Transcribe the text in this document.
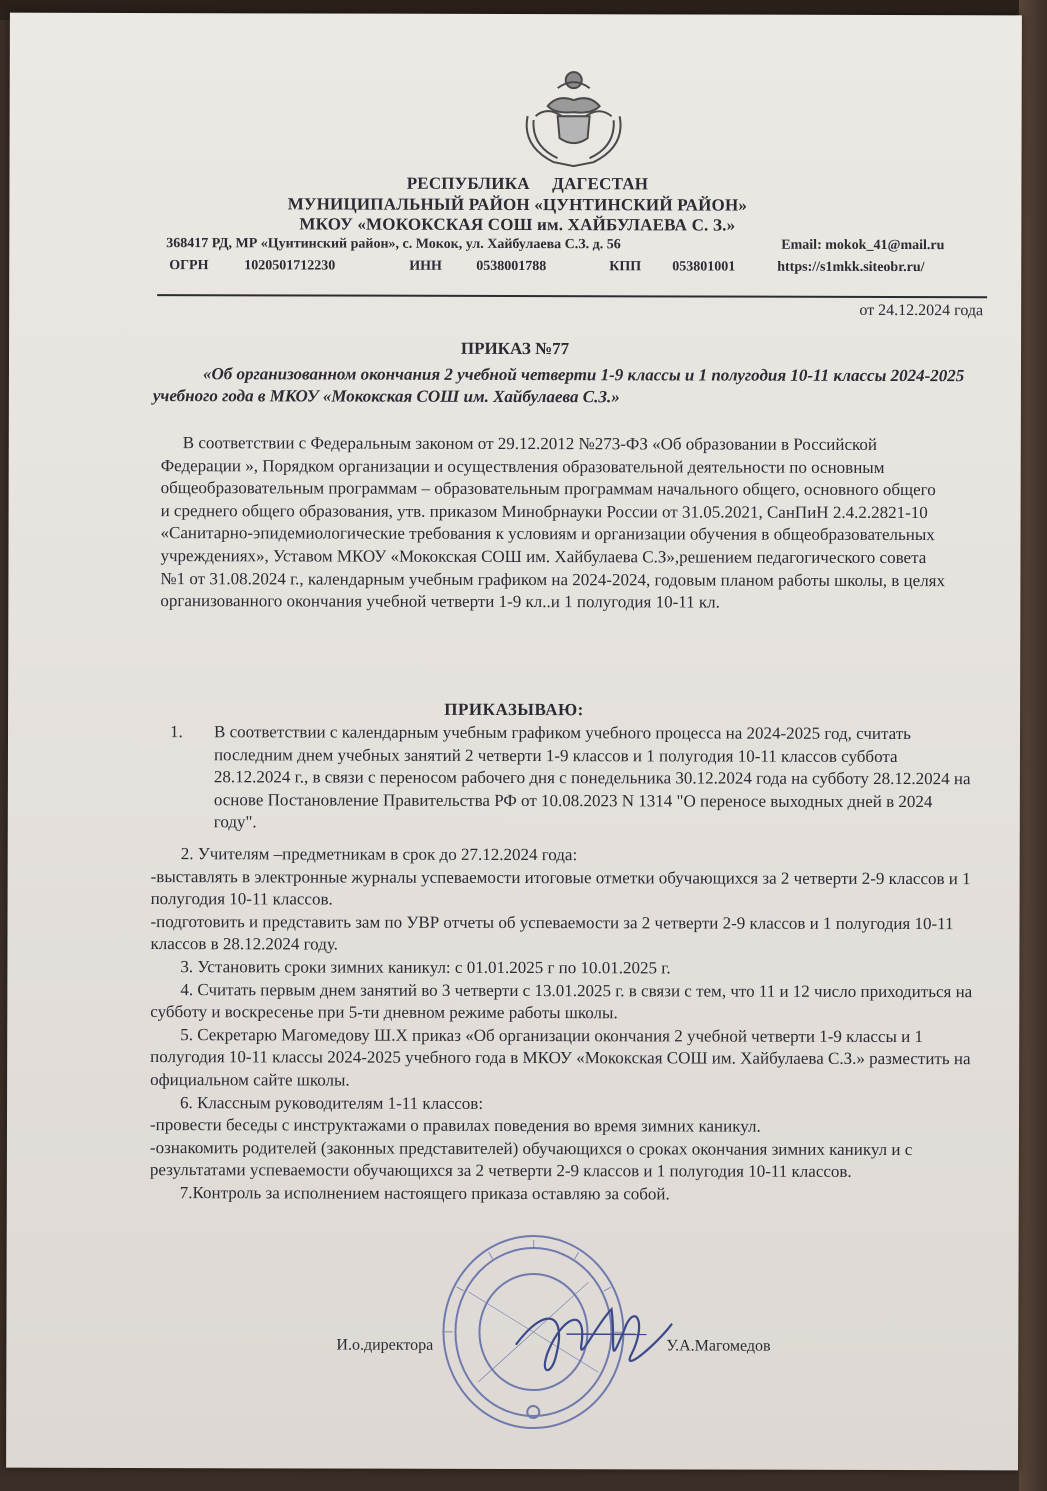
РЕСПУБЛИКА ДАГЕСТАН
МУНИЦИПАЛЬНЫЙ РАЙОН «ЦУНТИНСКИЙ РАЙОН»
МКОУ «МОКОКСКАЯ СОШ им. ХАЙБУЛАЕВА С. З.»
368417 РД, МР «Цунтинский район», с. Мокок, ул. Хайбулаева С.З. д. 56	Email: mokok_41@mail.ru
ОГРН	1020501712230	ИНН 0538001788	КПП 053801001	https://s1mkk.siteobr.ru/
от 24.12.2024 года
ПРИКАЗ №77
«Об организованном окончания 2 учебной четверти 1-9 классы и 1 полугодия 10-11 классы 2024-2025 учебного года в МКОУ «Мококская СОШ им. Хайбулаева С.З.»
В соответствии с Федеральным законом от 29.12.2012 №273-ФЗ «Об образовании в Российской Федерации », Порядком организации и осуществления образовательной деятельности по основным общеобразовательным программам – образовательным программам начального общего, основного общего и среднего общего образования, утв. приказом Минобрнауки России от 31.05.2021, СанПиН 2.4.2.2821-10 «Санитарно-эпидемиологические требования к условиям и организации обучения в общеобразовательных учреждениях», Уставом МКОУ «Мококская СОШ им. Хайбулаева С.З»,решением педагогического совета №1 от 31.08.2024 г., календарным учебным графиком на 2024-2024, годовым планом работы школы, в целях организованного окончания учебной четверти 1-9 кл..и 1 полугодия 10-11 кл.
ПРИКАЗЫВАЮ:
1. В соответствии с календарным учебным графиком учебного процесса на 2024-2025 год, считать последним днем учебных занятий 2 четверти 1-9 классов и 1 полугодия 10-11 классов суббота 28.12.2024 г., в связи с переносом рабочего дня с понедельника 30.12.2024 года на субботу 28.12.2024 на основе Постановление Правительства РФ от 10.08.2023 N 1314 "О переносе выходных дней в 2024 году".

2. Учителям –предметникам в срок до 27.12.2024 года:

-выставлять в электронные журналы успеваемости итоговые отметки обучающихся за 2 четверти 2-9 классов и 1 полугодия 10-11 классов.

-подготовить и представить зам по УВР отчеты об успеваемости за 2 четверти 2-9 классов и 1 полугодия 10-11 классов в 28.12.2024 году.

3. Установить сроки зимних каникул: с 01.01.2025 г по 10.01.2025 г.

4. Считать первым днем занятий во 3 четверти с 13.01.2025 г. в связи с тем, что 11 и 12 число приходиться на субботу и воскресенье при 5-ти дневном режиме работы школы.

5. Секретарю Магомедову Ш.Х приказ «Об организации окончания 2 учебной четверти 1-9 классы и 1 полугодия 10-11 классы 2024-2025 учебного года в МКОУ «Мококская СОШ им. Хайбулаева С.З.» разместить на официальном сайте школы.

6. Классным руководителям 1-11 классов:

-провести беседы с инструктажами о правилах поведения во время зимних каникул.

-ознакомить родителей (законных представителей) обучающихся о сроках окончания зимних каникул и с результатами успеваемости обучающихся за 2 четверти 2-9 классов и 1 полугодия 10-11 классов.

7.Контроль за исполнением настоящего приказа оставляю за собой.

И.о.директора	У.А.Магомедов
